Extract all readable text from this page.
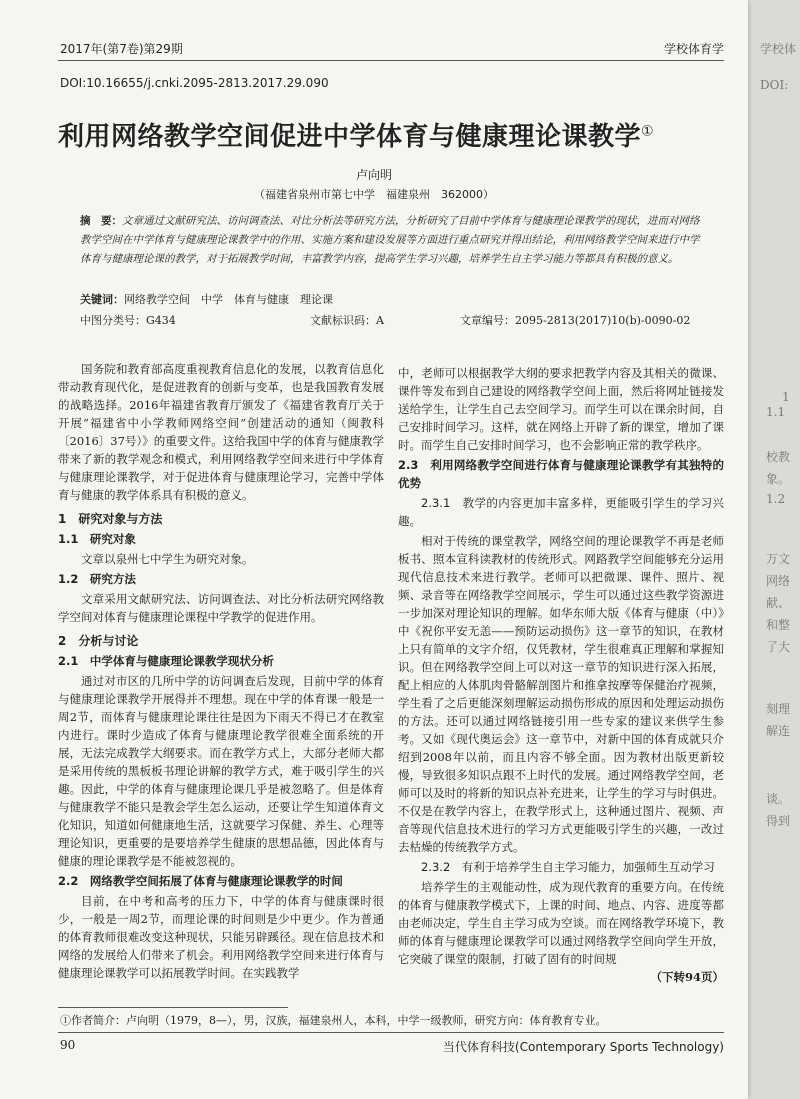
2017年(第7卷)第29期	学校体育学
DOI:10.16655/j.cnki.2095-2813.2017.29.090
利用网络教学空间促进中学体育与健康理论课教学①
卢向明
（福建省泉州市第七中学　福建泉州　362000）
摘　要：文章通过文献研究法、访问调查法、对比分析法等研究方法，分析研究了目前中学体育与健康理论课教学的现状，进而对网络教学空间在中学体育与健康理论课教学中的作用、实施方案和建设发展等方面进行重点研究并得出结论，利用网络教学空间来进行中学体育与健康理论课的教学，对于拓展教学时间，丰富教学内容，提高学生学习兴趣，培养学生自主学习能力等都具有积极的意义。
关键词：网络教学空间　中学　体育与健康　理论课
中图分类号：G434	文献标识码：A	文章编号：2095-2813(2017)10(b)-0090-02

国务院和教育部高度重视教育信息化的发展，以教育信息化带动教育现代化，是促进教育的创新与变革，也是我国教育发展的战略选择。2016年福建省教育厅颁发了《福建省教育厅关于开展“福建省中小学教师网络空间”创建活动的通知（闽教科〔2016〕37号）》的重要文件。这给我国中学的体育与健康教学带来了新的教学观念和模式，利用网络教学空间来进行中学体育与健康理论课教学，对于促进体育与健康理论学习，完善中学体育与健康的教学体系具有积极的意义。

1　研究对象与方法
1.1　研究对象

文章以泉州七中学生为研究对象。

1.2　研究方法

文章采用文献研究法、访问调查法、对比分析法研究网络教学空间对体育与健康理论课程中学教学的促进作用。

2　分析与讨论
2.1　中学体育与健康理论课教学现状分析

通过对市区的几所中学的访问调查后发现，目前中学的体育与健康理论课教学开展得并不理想。现在中学的体育课一般是一周2节，而体育与健康理论课往往是因为下雨天不得已才在教室内进行。课时少造成了体育与健康理论教学很难全面系统的开展，无法完成教学大纲要求。而在教学方式上，大部分老师大都是采用传统的黑板板书理论讲解的教学方式，难于吸引学生的兴趣。因此，中学的体育与健康理论课几乎是被忽略了。但是体育与健康教学不能只是教会学生怎么运动，还要让学生知道体育文化知识，知道如何健康地生活，这就要学习保健、养生、心理等理论知识，更重要的是要培养学生健康的思想品德，因此体育与健康的理论课教学是不能被忽视的。

2.2　网络教学空间拓展了体育与健康理论课教学的时间

目前，在中考和高考的压力下，中学的体育与健康课时很少，一般是一周2节，而理论课的时间则是少中更少。作为普通的体育教师很难改变这种现状，只能另辟蹊径。现在信息技术和网络的发展给人们带来了机会。利用网络教学空间来进行体育与健康理论课教学可以拓展教学时间。在实践教学

中，老师可以根据教学大纲的要求把教学内容及其相关的微课、课件等发布到自己建设的网络教学空间上面，然后将网址链接发送给学生，让学生自己去空间学习。而学生可以在课余时间，自己安排时间学习。这样，就在网络上开辟了新的课堂，增加了课时。而学生自己安排时间学习，也不会影响正常的教学秩序。

2.3　利用网络教学空间进行体育与健康理论课教学有其独特的优势
2.3.1　教学的内容更加丰富多样，更能吸引学生的学习兴趣。

相对于传统的课堂教学，网络空间的理论课教学不再是老师板书、照本宣科读教材的传统形式。网路教学空间能够充分运用现代信息技术来进行教学。老师可以把微课、课件、照片、视频、录音等在网络教学空间展示，学生可以通过这些教学资源进一步加深对理论知识的理解。如华东师大版《体育与健康（中）》中《祝你平安无恙——预防运动损伤》这一章节的知识，在教材上只有简单的文字介绍，仅凭教材，学生很难真正理解和掌握知识。但在网络教学空间上可以对这一章节的知识进行深入拓展，配上相应的人体肌肉骨骼解剖图片和推拿按摩等保健治疗视频，学生看了之后更能深刻理解运动损伤形成的原因和处理运动损伤的方法。还可以通过网络链接引用一些专家的建议来供学生参考。又如《现代奥运会》这一章节中，对新中国的体育成就只介绍到2008年以前，而且内容不够全面。因为教材出版更新较慢，导致很多知识点跟不上时代的发展。通过网络教学空间，老师可以及时的将新的知识点补充进来，让学生的学习与时俱进。不仅是在教学内容上，在教学形式上，这种通过图片、视频、声音等现代信息技术进行的学习方式更能吸引学生的兴趣，一改过去枯燥的传统教学方式。

2.3.2　有利于培养学生自主学习能力，加强师生互动学习

培养学生的主观能动性，成为现代教育的重要方向。在传统的体育与健康教学模式下，上课的时间、地点、内容、进度等都由老师决定，学生自主学习成为空谈。而在网络教学环境下，教师的体育与健康理论课教学可以通过网络教学空间向学生开放，它突破了课堂的限制，打破了固有的时间规

（下转94页）
①作者简介：卢向明（1979，8—），男，汉族，福建泉州人，本科，中学一级教师，研究方向：体育教育专业。
90	当代体育科技(Contemporary Sports Technology)
学校体
DOI:
1
1.1
校教
象。
1.2
万文
网络
献、
和整
了大
刻理
解连
谈。
得到
